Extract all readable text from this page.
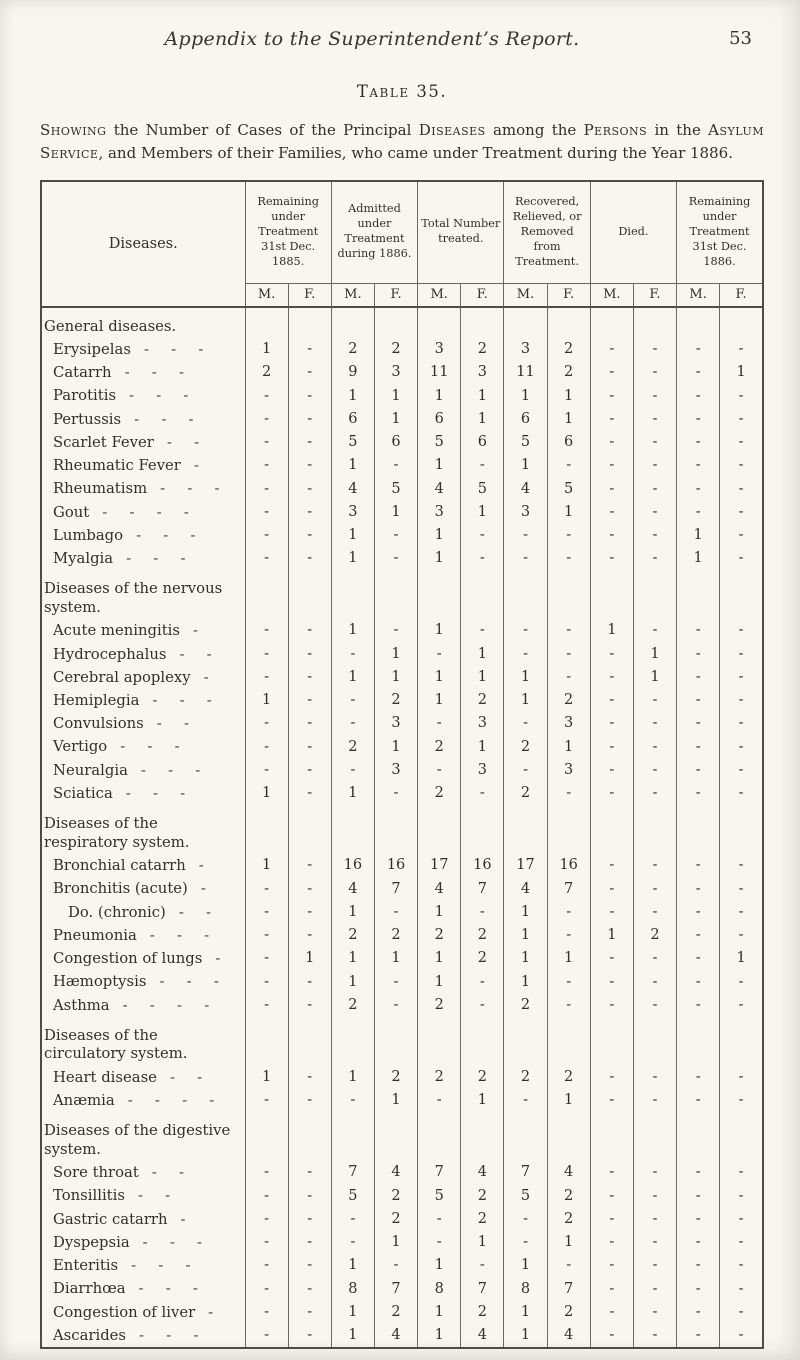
Appendix to the Superintendent’s Report.	53
Table 35.

Showing the Number of Cases of the Principal Diseases among the Persons in the Asylum Service, and Members of their Families, who came under Treatment during the Year 1886.

Diseases.	Remaining under Treatment 31st Dec. 1885.		Admitted under Treatment during 1886.		Total Number treated.		Recovered, Relieved, or Removed from Treatment.		Died.		Remaining under Treatment 31st Dec. 1886.	
	M.	F.	M.	F.	M.	F.	M.	F.	M.	F.	M.	F.
General diseases.												
Erysipelas -  -  -	1	-	2	2	3	2	3	2	-	-	-	-
Catarrh -  -  -	2	-	9	3	11	3	11	2	-	-	-	1
Parotitis -  -  -	-	-	1	1	1	1	1	1	-	-	-	-
Pertussis -  -  -	-	-	6	1	6	1	6	1	-	-	-	-
Scarlet Fever -  -	-	-	5	6	5	6	5	6	-	-	-	-
Rheumatic Fever -	-	-	1	-	1	-	1	-	-	-	-	-
Rheumatism -  -  -	-	-	4	5	4	5	4	5	-	-	-	-
Gout -  -  -  -	-	-	3	1	3	1	3	1	-	-	-	-
Lumbago -  -  -	-	-	1	-	1	-	-	-	-	-	1	-
Myalgia -  -  -	-	-	1	-	1	-	-	-	-	-	1	-
Diseases of the nervous system.												
Acute meningitis -	-	-	1	-	1	-	-	-	1	-	-	-
Hydrocephalus -  -	-	-	-	1	-	1	-	-	-	1	-	-
Cerebral apoplexy -	-	-	1	1	1	1	1	-	-	1	-	-
Hemiplegia -  -  -	1	-	-	2	1	2	1	2	-	-	-	-
Convulsions -  -	-	-	-	3	-	3	-	3	-	-	-	-
Vertigo -  -  -	-	-	2	1	2	1	2	1	-	-	-	-
Neuralgia -  -  -	-	-	-	3	-	3	-	3	-	-	-	-
Sciatica -  -  -	1	-	1	-	2	-	2	-	-	-	-	-
Diseases of the respiratory system.												
Bronchial catarrh -	1	-	16	16	17	16	17	16	-	-	-	-
Bronchitis (acute) -	-	-	4	7	4	7	4	7	-	-	-	-
Do. (chronic) -  -	-	-	1	-	1	-	1	-	-	-	-	-
Pneumonia -  -  -	-	-	2	2	2	2	1	-	1	2	-	-
Congestion of lungs -	-	1	1	1	1	2	1	1	-	-	-	1
Hæmoptysis -  -  -	-	-	1	-	1	-	1	-	-	-	-	-
Asthma -  -  -  -	-	-	2	-	2	-	2	-	-	-	-	-
Diseases of the circulatory system.												
Heart disease -  -	1	-	1	2	2	2	2	2	-	-	-	-
Anæmia -  -  -  -	-	-	-	1	-	1	-	1	-	-	-	-
Diseases of the digestive system.												
Sore throat -  -	-	-	7	4	7	4	7	4	-	-	-	-
Tonsillitis -  -	-	-	5	2	5	2	5	2	-	-	-	-
Gastric catarrh -	-	-	-	2	-	2	-	2	-	-	-	-
Dyspepsia -  -  -	-	-	-	1	-	1	-	1	-	-	-	-
Enteritis -  -  -	-	-	1	-	1	-	1	-	-	-	-	-
Diarrhœa -  -  -	-	-	8	7	8	7	8	7	-	-	-	-
Congestion of liver -	-	-	1	2	1	2	1	2	-	-	-	-
Ascarides -  -  -	-	-	1	4	1	4	1	4	-	-	-	-
